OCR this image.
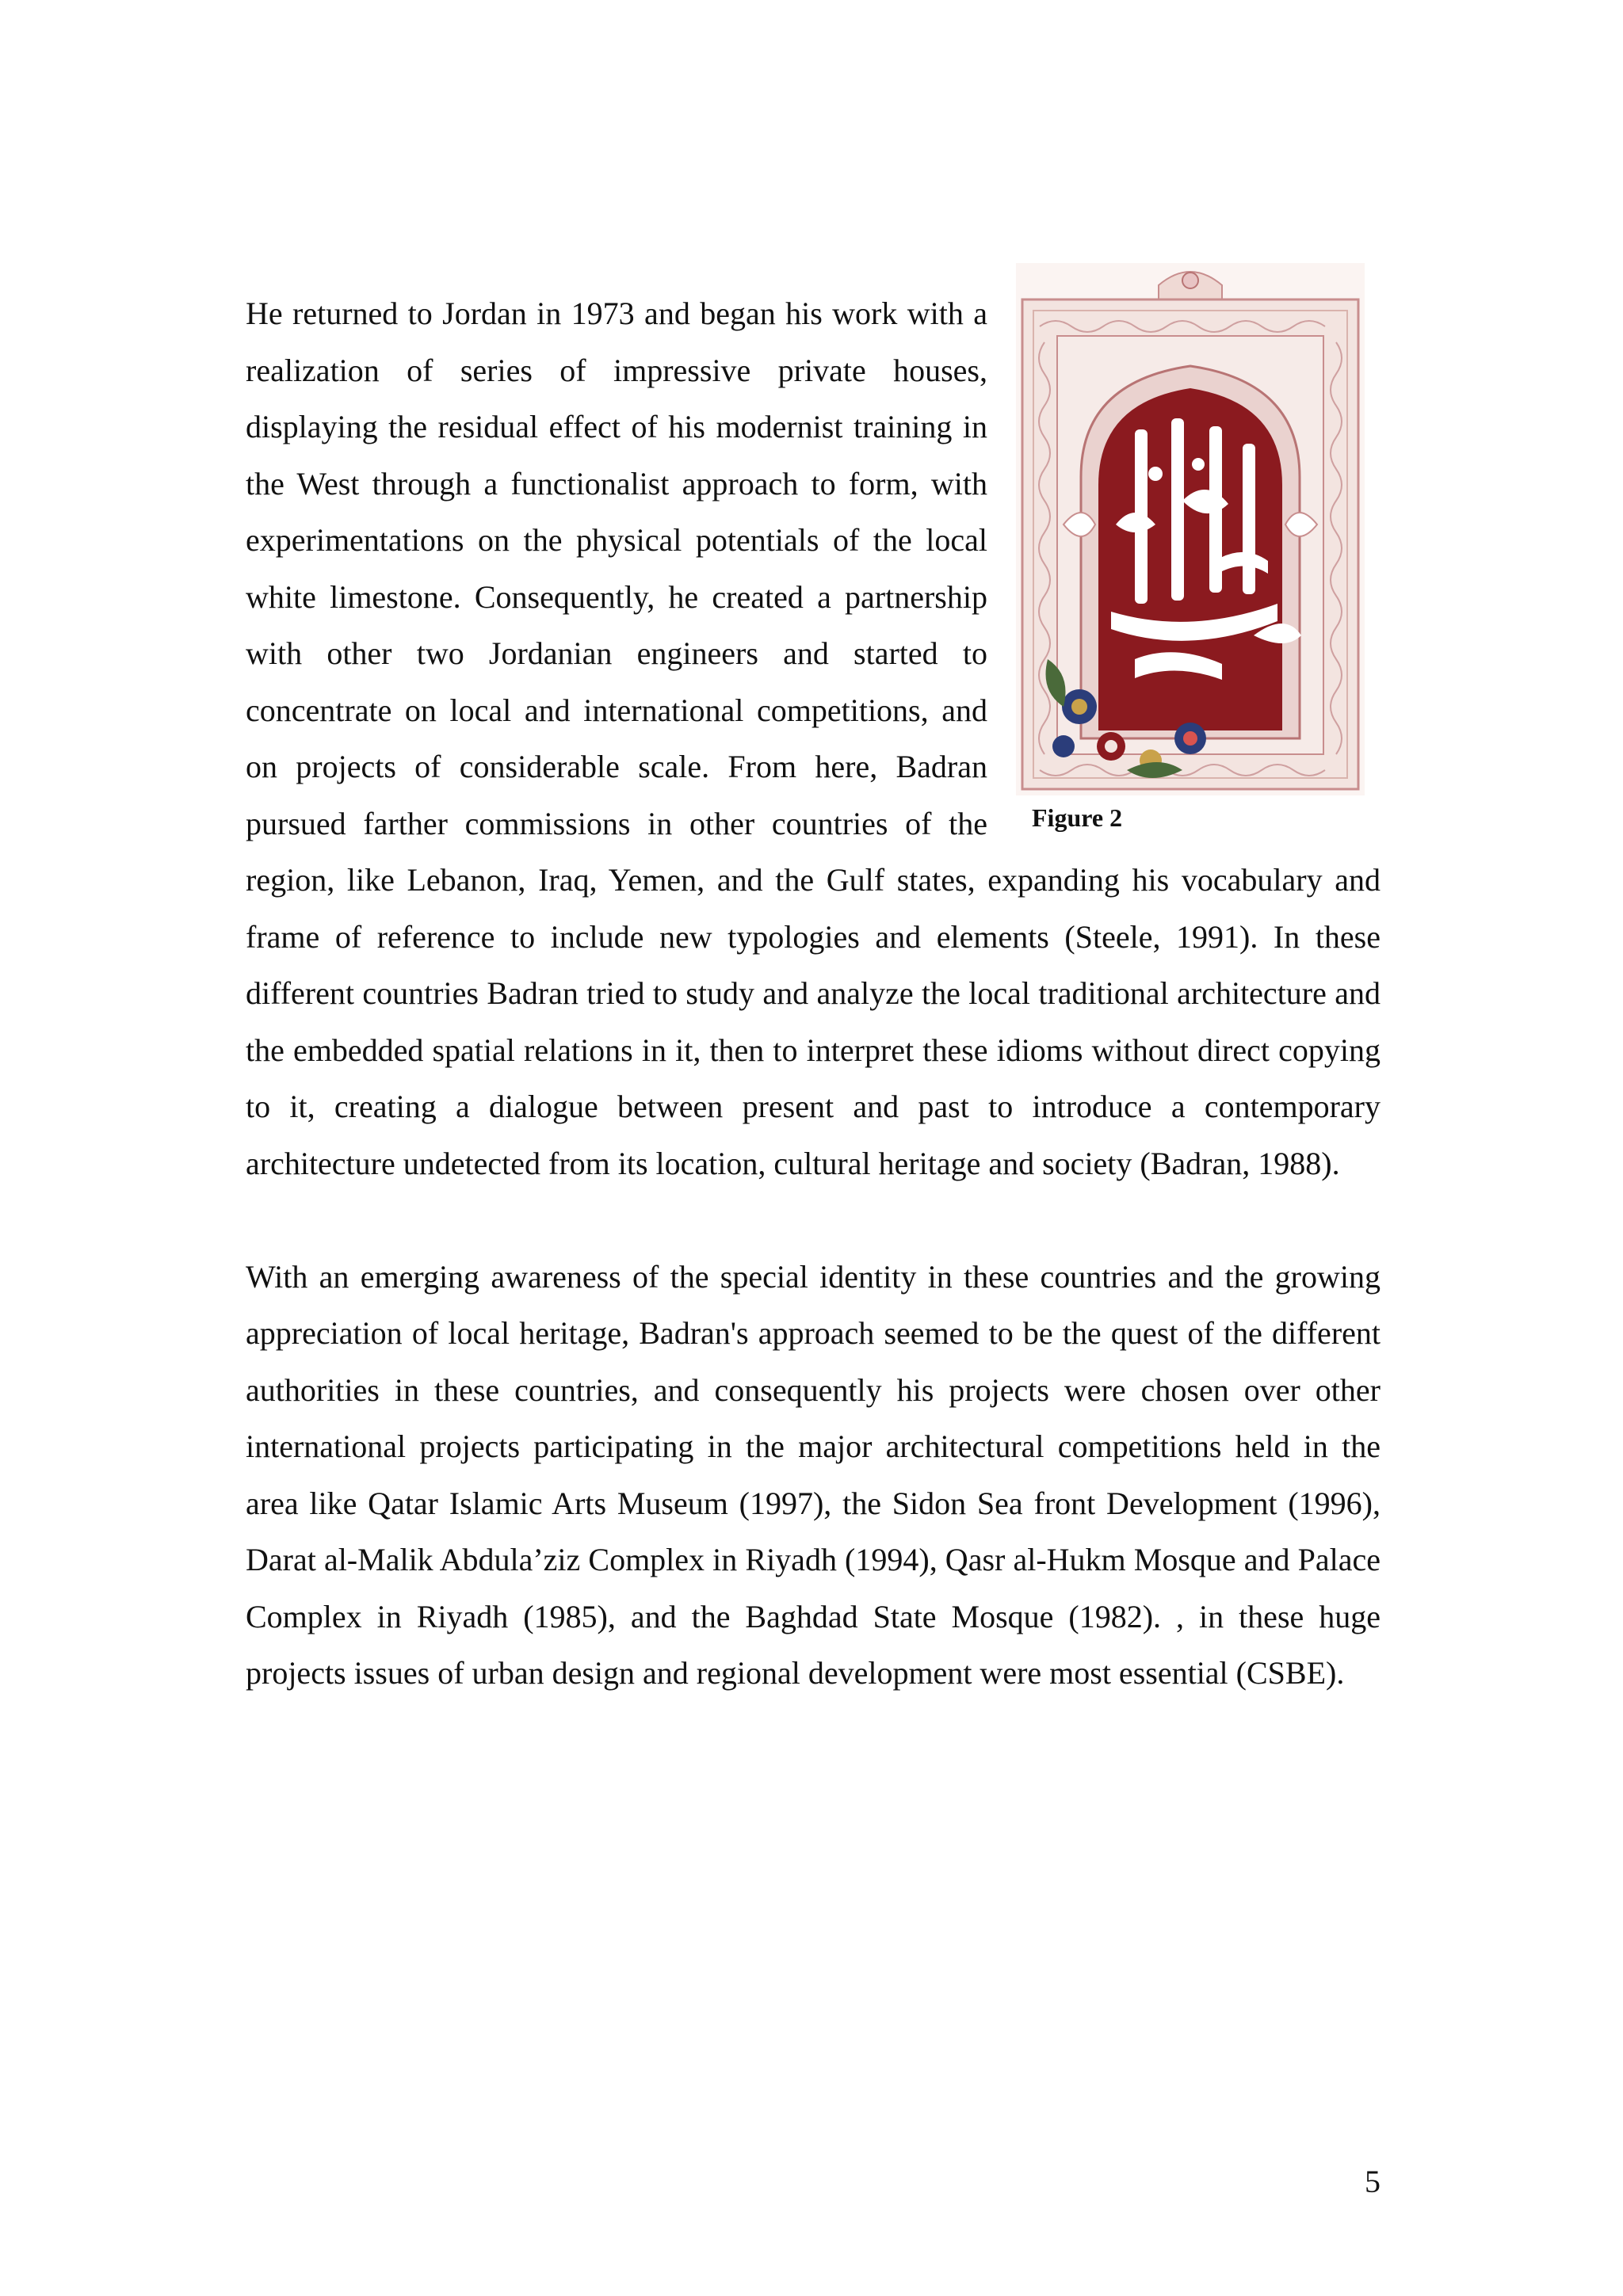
Figure 2

He returned to Jordan in 1973 and began his work with a realization of series of impressive private houses, displaying the residual effect of his modernist training in the West through a functionalist approach to form, with experimentations on the physical potentials of the local white limestone. Consequently, he created a partnership with other two Jordanian engineers and started to concentrate on local and international competitions, and on projects of considerable scale. From here, Badran pursued farther commissions in other countries of the region, like Lebanon, Iraq, Yemen, and the Gulf states, expanding his vocabulary and frame of reference to include new typologies and elements (Steele, 1991). In these different countries Badran tried to study and analyze the local traditional architecture and the embedded spatial relations in it, then to interpret these idioms without direct copying to it, creating a dialogue between present and past to introduce a contemporary architecture undetected from its location, cultural heritage and society (Badran, 1988).

With an emerging awareness of the special identity in these countries and the growing appreciation of local heritage, Badran's approach seemed to be the quest of the different authorities in these countries, and consequently his projects were chosen over other international projects participating in the major architectural competitions held in the area like Qatar Islamic Arts Museum (1997), the Sidon Sea front Development (1996), Darat al-Malik Abdula’ziz Complex in Riyadh (1994), Qasr al-Hukm Mosque and Palace Complex in Riyadh (1985), and the Baghdad State Mosque (1982). , in these huge projects issues of urban design and regional development were most essential (CSBE).

5
